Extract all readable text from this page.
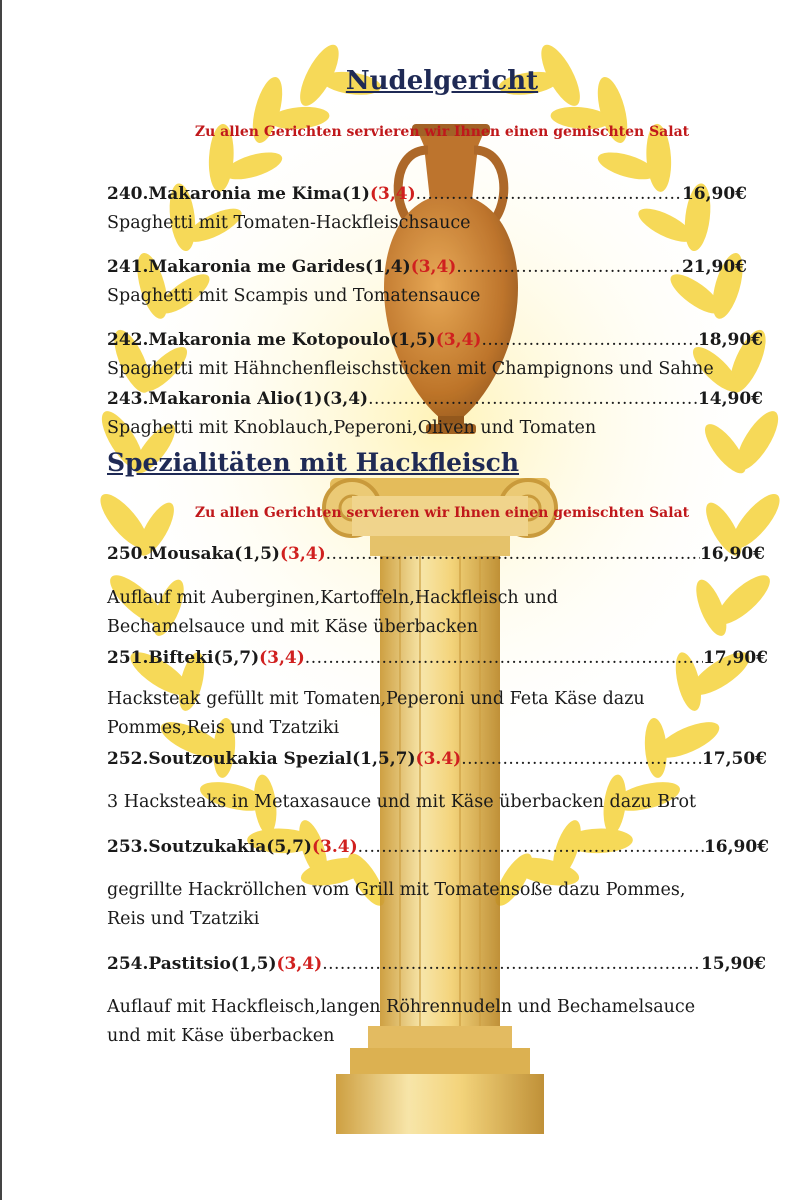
Nudelgericht
Zu allen Gerichten servieren wir Ihnen einen gemischten Salat
240.Makaronia me Kima(1) (3,4) .....	16,90€
Spaghetti mit Tomaten-Hackfleischsauce
241.Makaronia me Garides(1,4) (3,4) .....	21,90€
Spaghetti mit Scampis und Tomatensauce
242.Makaronia me Kotopoulo(1,5) (3,4) .....	18,90€
Spaghetti mit Hähnchenfleischstücken mit Champignons und Sahne
243.Makaronia Alio(1)(3,4) .....	14,90€
Spaghetti mit Knoblauch,Peperoni,Oliven und Tomaten
Spezialitäten mit Hackfleisch
Zu allen Gerichten servieren wir Ihnen einen gemischten Salat
250.Mousaka(1,5) (3,4) .....	16,90€
Auflauf mit Auberginen,Kartoffeln,Hackfleisch und
Bechamelsauce und mit Käse überbacken
251.Bifteki(5,7) (3,4) .....	17,90€
Hacksteak gefüllt mit Tomaten,Peperoni und Feta Käse dazu
Pommes,Reis und Tzatziki
252.Soutzoukakia Spezial(1,5,7) (3.4) .....	17,50€
3 Hacksteaks in Metaxasauce und mit Käse überbacken dazu Brot
253.Soutzukakia(5,7) (3.4) .....	16,90€
gegrillte Hackröllchen vom Grill mit Tomatensoße dazu Pommes,
Reis und Tzatziki
254.Pastitsio(1,5) (3,4) .....	15,90€
Auflauf mit Hackfleisch,langen Röhrennudeln und Bechamelsauce
und mit Käse überbacken
